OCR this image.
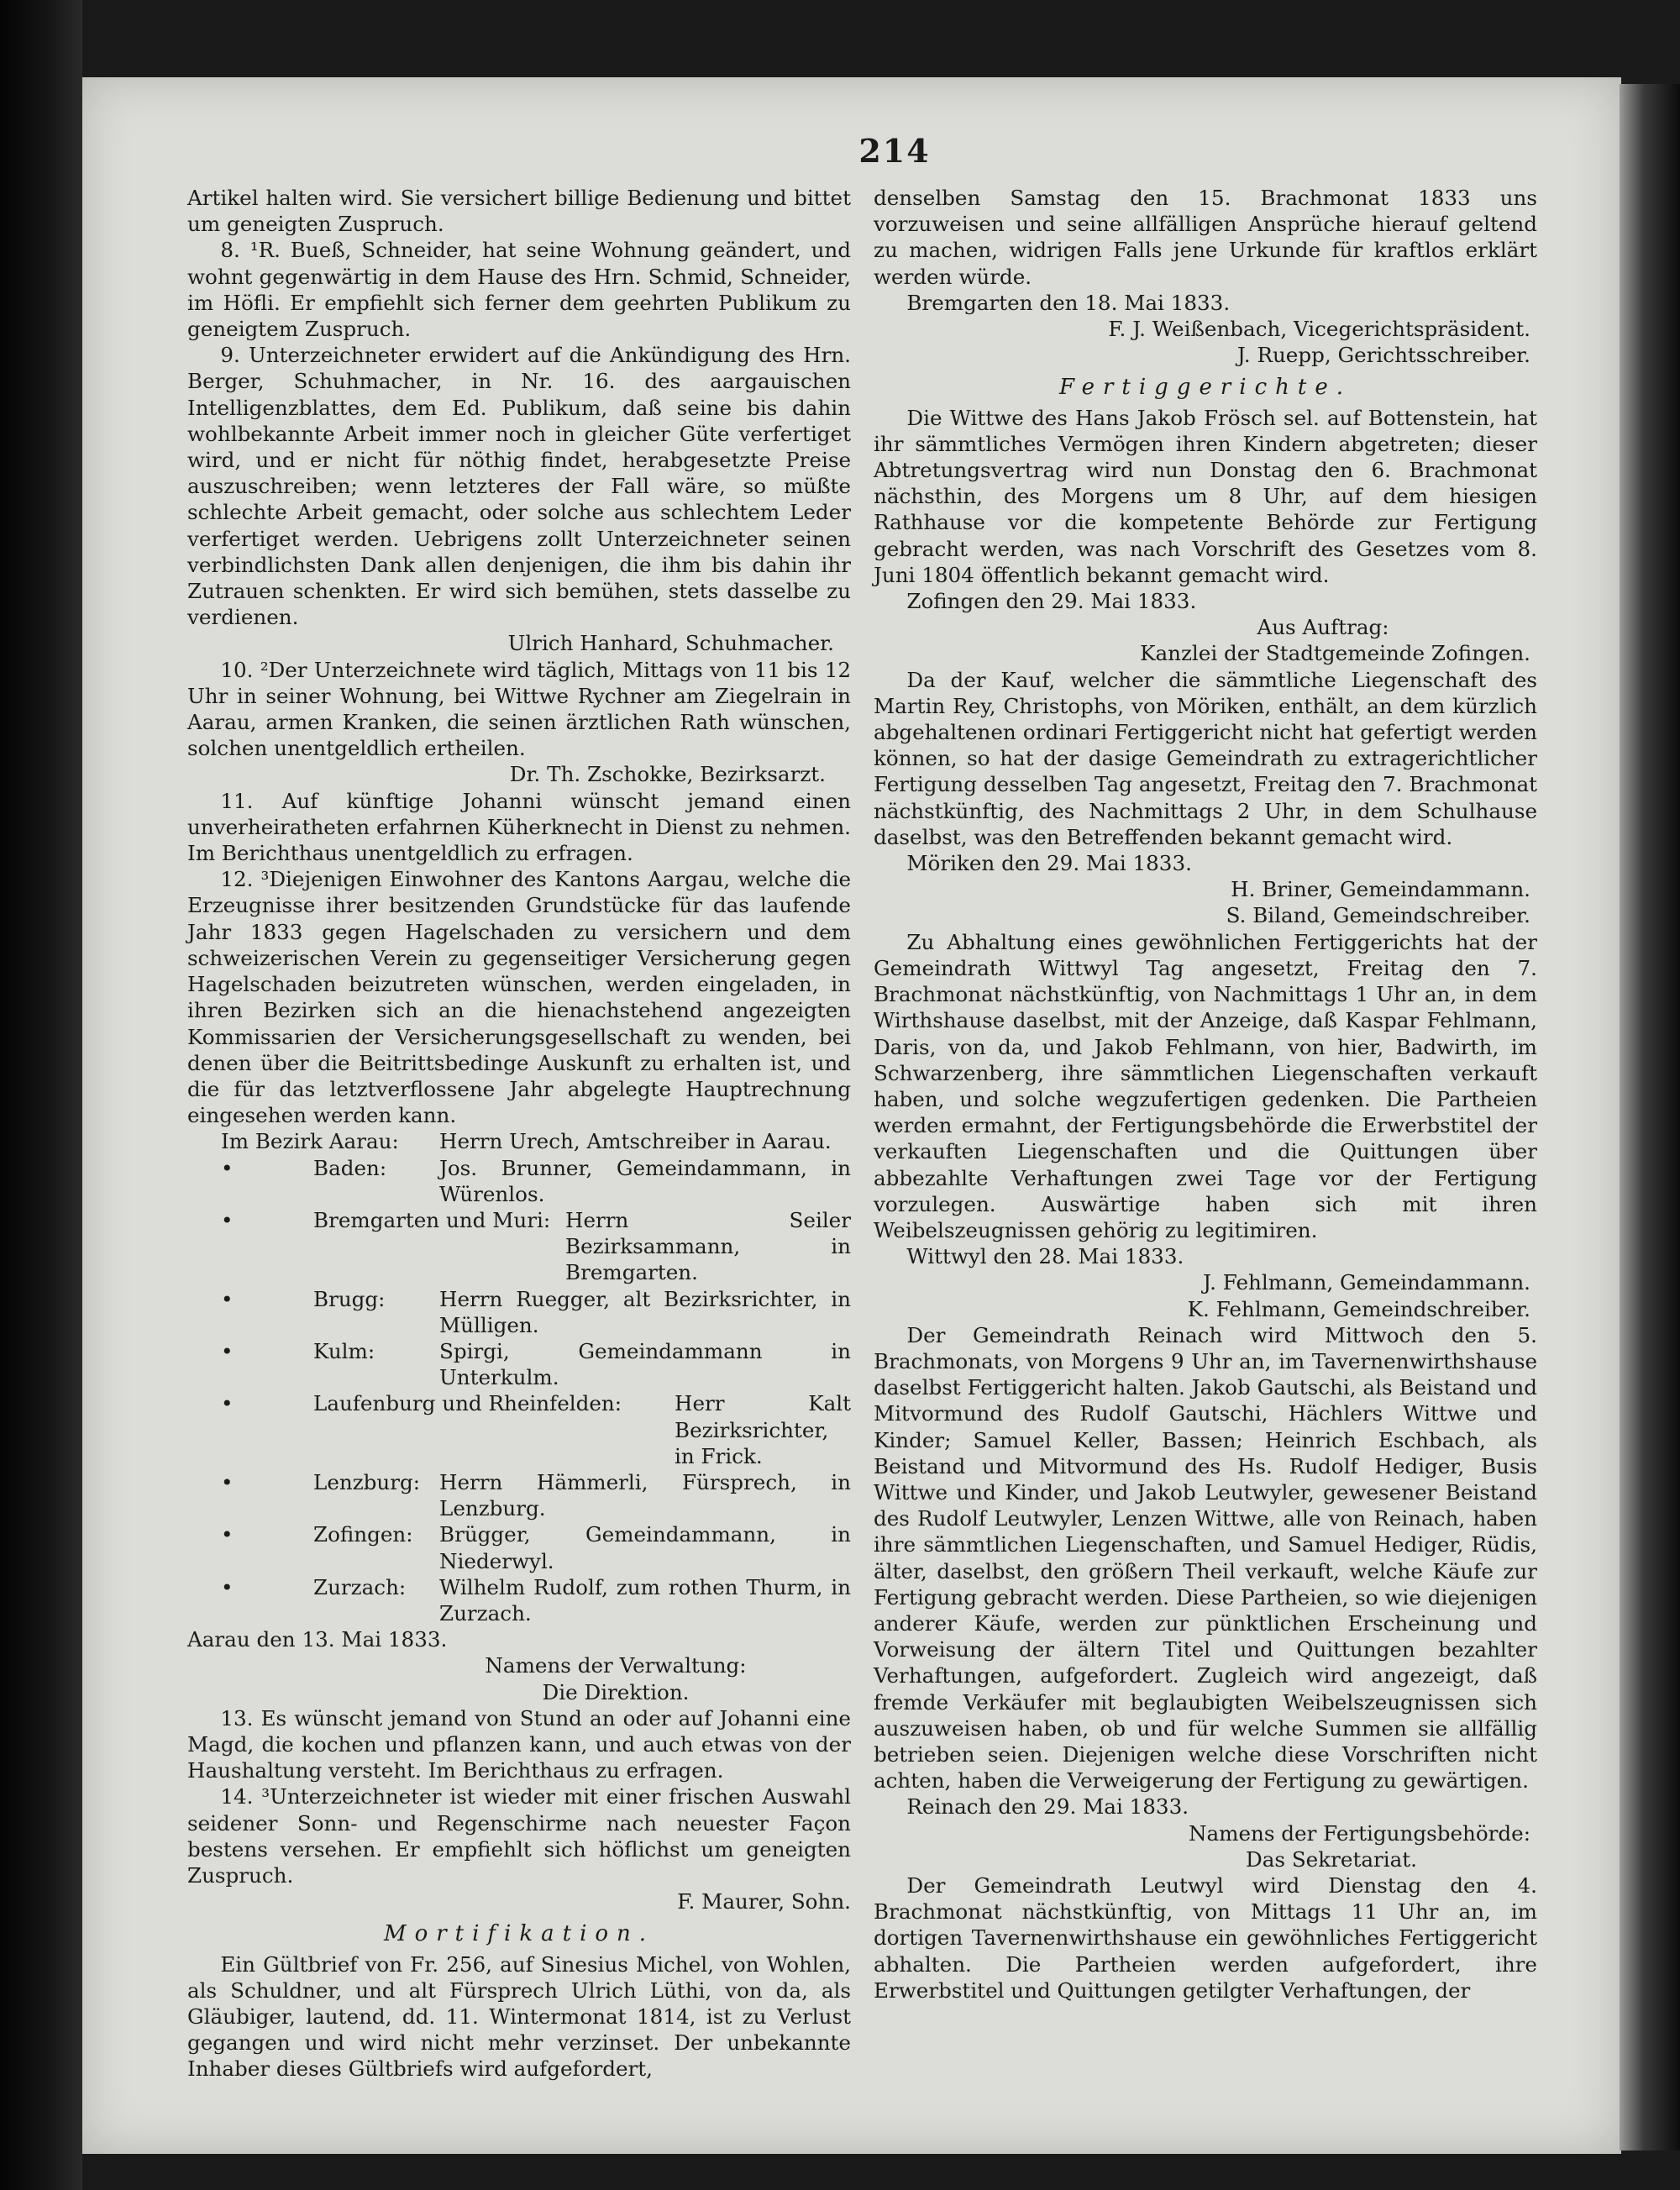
214

Artikel halten wird. Sie versichert billige Bedienung und bittet um geneigten Zuspruch.

8. ¹R. Bueß, Schneider, hat seine Wohnung geändert, und wohnt gegenwärtig in dem Hause des Hrn. Schmid, Schneider, im Höfli. Er empfiehlt sich ferner dem geehrten Publikum zu geneigtem Zuspruch.

9. Unterzeichneter erwidert auf die Ankündigung des Hrn. Berger, Schuhmacher, in Nr. 16. des aargauischen Intelligenzblattes, dem Ed. Publikum, daß seine bis dahin wohlbekannte Arbeit immer noch in gleicher Güte verfertiget wird, und er nicht für nöthig findet, herabgesetzte Preise auszuschreiben; wenn letzteres der Fall wäre, so müßte schlechte Arbeit gemacht, oder solche aus schlechtem Leder verfertiget werden. Uebrigens zollt Unterzeichneter seinen verbindlichsten Dank allen denjenigen, die ihm bis dahin ihr Zutrauen schenkten. Er wird sich bemühen, stets dasselbe zu verdienen.

Ulrich Hanhard, Schuhmacher.

10. ²Der Unterzeichnete wird täglich, Mittags von 11 bis 12 Uhr in seiner Wohnung, bei Wittwe Rychner am Ziegelrain in Aarau, armen Kranken, die seinen ärztlichen Rath wünschen, solchen unentgeldlich ertheilen.

Dr. Th. Zschokke, Bezirksarzt.

11. Auf künftige Johanni wünscht jemand einen unverheiratheten erfahrnen Küherknecht in Dienst zu nehmen. Im Berichthaus unentgeldlich zu erfragen.

12. ³Diejenigen Einwohner des Kantons Aargau, welche die Erzeugnisse ihrer besitzenden Grundstücke für das laufende Jahr 1833 gegen Hagelschaden zu versichern und dem schweizerischen Verein zu gegenseitiger Versicherung gegen Hagelschaden beizutreten wünschen, werden eingeladen, in ihren Bezirken sich an die hienachstehend angezeigten Kommissarien der Versicherungsgesellschaft zu wenden, bei denen über die Beitrittsbedinge Auskunft zu erhalten ist, und die für das letztverflossene Jahr abgelegte Hauptrechnung eingesehen werden kann.

Im Bezirk Aarau:	Herrn Urech, Amtschreiber in Aarau.
•	Baden:	Jos. Brunner, Gemeindammann, in Würenlos.
•	Bremgarten und Muri: Herrn Seiler Bezirksammann, in Bremgarten.
•	Brugg:	Herrn Ruegger, alt Bezirksrichter, in Mülligen.
•	Kulm:	Spirgi, Gemeindammann in Unterkulm.
•	Laufenburg und Rheinfelden:	Herr Kalt Bezirksrichter, in Frick.
•	Lenzburg: Herrn Hämmerli, Fürsprech, in Lenzburg.
•	Zofingen:	Brügger, Gemeindammann, in Niederwyl.
•	Zurzach:	Wilhelm Rudolf, zum rothen Thurm, in Zurzach.

Aarau den 13. Mai 1833.

Namens der Verwaltung:

Die Direktion.

13. Es wünscht jemand von Stund an oder auf Johanni eine Magd, die kochen und pflanzen kann, und auch etwas von der Haushaltung versteht. Im Berichthaus zu erfragen.

14. ³Unterzeichneter ist wieder mit einer frischen Auswahl seidener Sonn- und Regenschirme nach neuester Façon bestens versehen. Er empfiehlt sich höflichst um geneigten Zuspruch.

F. Maurer, Sohn.

Mortifikation.

Ein Gültbrief von Fr. 256, auf Sinesius Michel, von Wohlen, als Schuldner, und alt Fürsprech Ulrich Lüthi, von da, als Gläubiger, lautend, dd. 11. Wintermonat 1814, ist zu Verlust gegangen und wird nicht mehr verzinset. Der unbekannte Inhaber dieses Gültbriefs wird aufgefordert,

denselben Samstag den 15. Brachmonat 1833 uns vorzuweisen und seine allfälligen Ansprüche hierauf geltend zu machen, widrigen Falls jene Urkunde für kraftlos erklärt werden würde.

Bremgarten den 18. Mai 1833.

F. J. Weißenbach, Vicegerichtspräsident.

J. Ruepp, Gerichtsschreiber.

Fertiggerichte.

Die Wittwe des Hans Jakob Frösch sel. auf Bottenstein, hat ihr sämmtliches Vermögen ihren Kindern abgetreten; dieser Abtretungsvertrag wird nun Donstag den 6. Brachmonat nächsthin, des Morgens um 8 Uhr, auf dem hiesigen Rathhause vor die kompetente Behörde zur Fertigung gebracht werden, was nach Vorschrift des Gesetzes vom 8. Juni 1804 öffentlich bekannt gemacht wird.

Zofingen den 29. Mai 1833.

Aus Auftrag:

Kanzlei der Stadtgemeinde Zofingen.

Da der Kauf, welcher die sämmtliche Liegenschaft des Martin Rey, Christophs, von Möriken, enthält, an dem kürzlich abgehaltenen ordinari Fertiggericht nicht hat gefertigt werden können, so hat der dasige Gemeindrath zu extragerichtlicher Fertigung desselben Tag angesetzt, Freitag den 7. Brachmonat nächstkünftig, des Nachmittags 2 Uhr, in dem Schulhause daselbst, was den Betreffenden bekannt gemacht wird.

Möriken den 29. Mai 1833.

H. Briner, Gemeindammann.

S. Biland, Gemeindschreiber.

Zu Abhaltung eines gewöhnlichen Fertiggerichts hat der Gemeindrath Wittwyl Tag angesetzt, Freitag den 7. Brachmonat nächstkünftig, von Nachmittags 1 Uhr an, in dem Wirthshause daselbst, mit der Anzeige, daß Kaspar Fehlmann, Daris, von da, und Jakob Fehlmann, von hier, Badwirth, im Schwarzenberg, ihre sämmtlichen Liegenschaften verkauft haben, und solche wegzufertigen gedenken. Die Partheien werden ermahnt, der Fertigungsbehörde die Erwerbstitel der verkauften Liegenschaften und die Quittungen über abbezahlte Verhaftungen zwei Tage vor der Fertigung vorzulegen. Auswärtige haben sich mit ihren Weibelszeugnissen gehörig zu legitimiren.

Wittwyl den 28. Mai 1833.

J. Fehlmann, Gemeindammann.

K. Fehlmann, Gemeindschreiber.

Der Gemeindrath Reinach wird Mittwoch den 5. Brachmonats, von Morgens 9 Uhr an, im Tavernenwirthshause daselbst Fertiggericht halten. Jakob Gautschi, als Beistand und Mitvormund des Rudolf Gautschi, Hächlers Wittwe und Kinder; Samuel Keller, Bassen; Heinrich Eschbach, als Beistand und Mitvormund des Hs. Rudolf Hediger, Busis Wittwe und Kinder, und Jakob Leutwyler, gewesener Beistand des Rudolf Leutwyler, Lenzen Wittwe, alle von Reinach, haben ihre sämmtlichen Liegenschaften, und Samuel Hediger, Rüdis, älter, daselbst, den größern Theil verkauft, welche Käufe zur Fertigung gebracht werden. Diese Partheien, so wie diejenigen anderer Käufe, werden zur pünktlichen Erscheinung und Vorweisung der ältern Titel und Quittungen bezahlter Verhaftungen, aufgefordert. Zugleich wird angezeigt, daß fremde Verkäufer mit beglaubigten Weibelszeugnissen sich auszuweisen haben, ob und für welche Summen sie allfällig betrieben seien. Diejenigen welche diese Vorschriften nicht achten, haben die Verweigerung der Fertigung zu gewärtigen.

Reinach den 29. Mai 1833.

Namens der Fertigungsbehörde:

Das Sekretariat.

Der Gemeindrath Leutwyl wird Dienstag den 4. Brachmonat nächstkünftig, von Mittags 11 Uhr an, im dortigen Tavernenwirthshause ein gewöhnliches Fertiggericht abhalten. Die Partheien werden aufgefordert, ihre Erwerbstitel und Quittungen getilgter Verhaftungen, der
